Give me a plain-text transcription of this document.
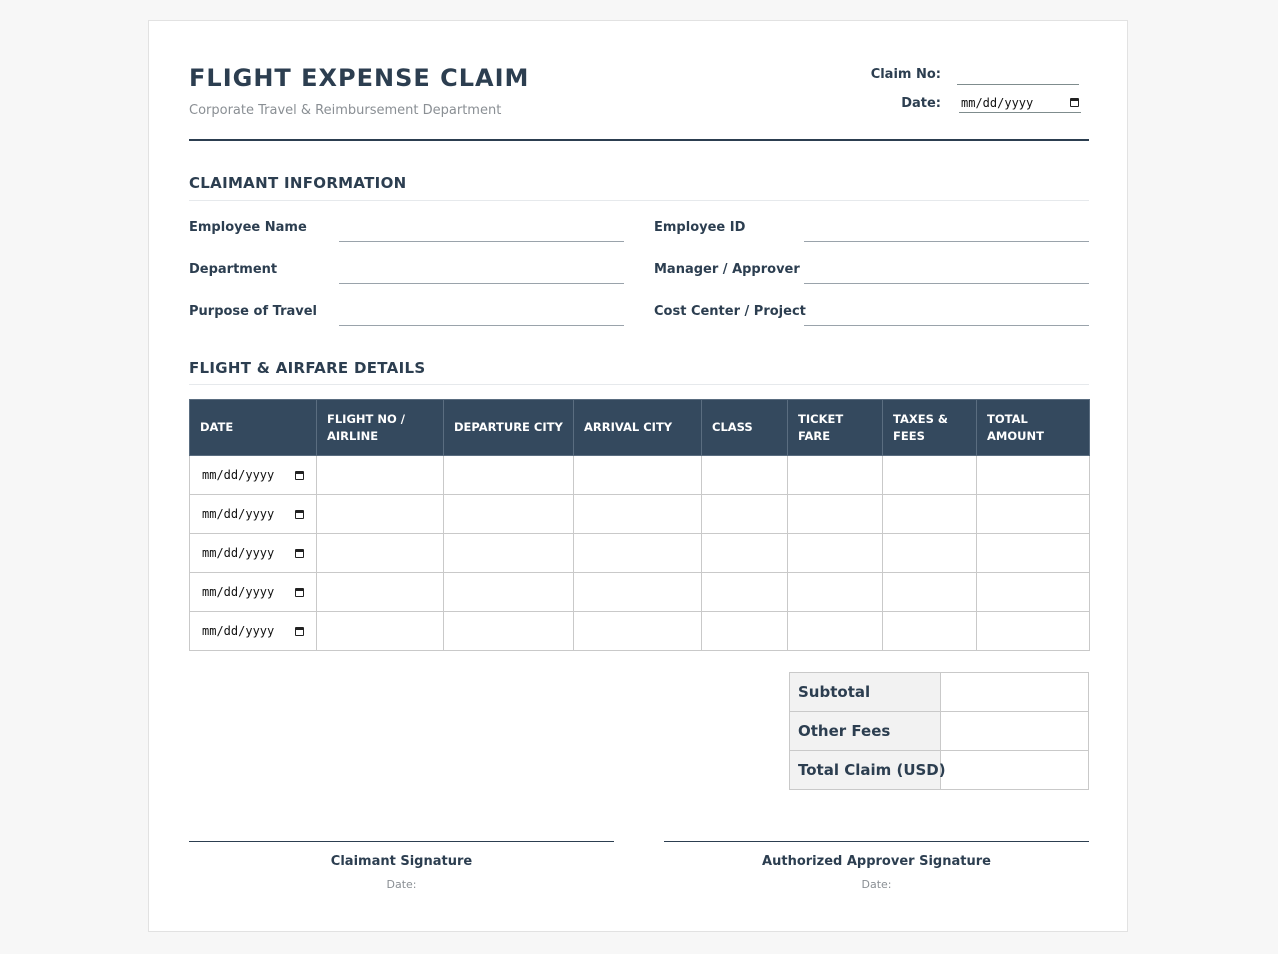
FLIGHT EXPENSE CLAIM
Corporate Travel & Reimbursement Department
Claim No:
Date: mm/dd/yyyy
CLAIMANT INFORMATION
Employee Name	Employee ID
Department	Manager / Approver
Purpose of Travel	Cost Center / Project
FLIGHT & AIRFARE DETAILS
DATE	FLIGHT NO / AIRLINE	DEPARTURE CITY	ARRIVAL CITY	CLASS	TICKET FARE	TAXES & FEES	TOTAL AMOUNT

mm/dd/yyyy							

mm/dd/yyyy							

mm/dd/yyyy							

mm/dd/yyyy							

mm/dd/yyyy							

Subtotal	
Other Fees	
Total Claim (USD)	
Claimant Signature
Date:
Authorized Approver Signature
Date:
